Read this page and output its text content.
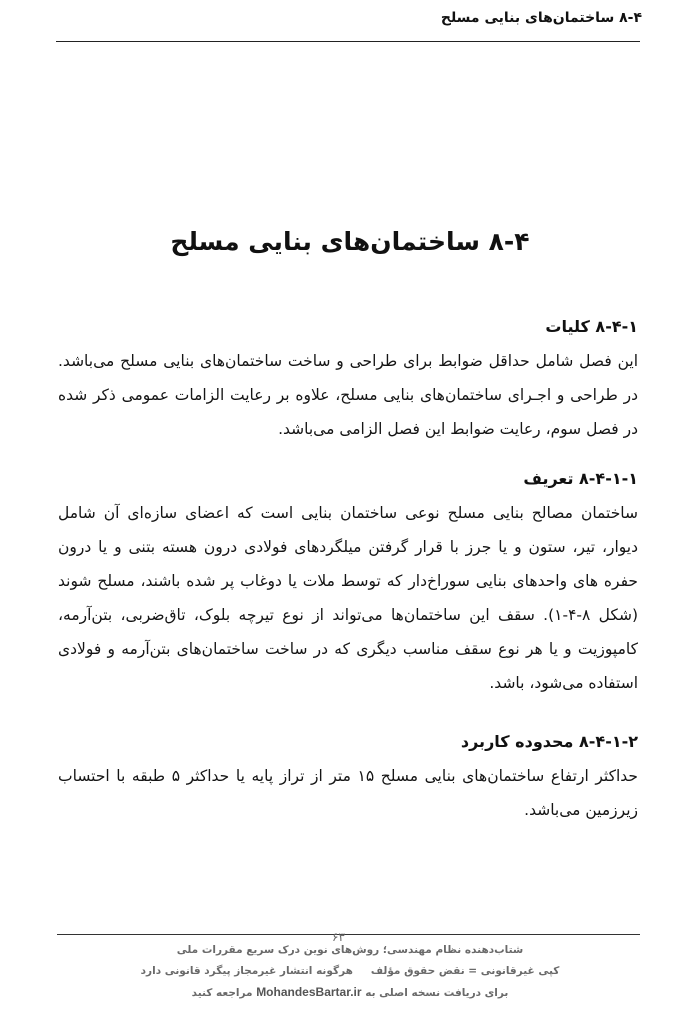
۸-۴ ساختمان‌های بنایی مسلح
۸-۴ ساختمان‌های بنایی مسلح
۸-۴-۱ کلیات

این فصل شامل حداقل ضوابط برای طراحی و ساخت ساختمان‌های بنایی مسلح می‌باشد. در طراحی و اجـرای ساختمان‌های بنایی مسلح، علاوه بر رعایت الزامات عمومی ذکر شده در فصل سوم، رعایت ضوابط این فصل الزامی می‌باشد.

۸-۴-۱-۱ تعریف

ساختمان مصالح بنایی مسلح نوعی ساختمان بنایی است که اعضای سازه‌ای آن شامل دیوار، تیر، ستون و یا جرز با قرار گرفتن میلگردهای فولادی درون هسته بتنی و یا درون حفره های واحدهای بنایی سوراخ‌دار که توسط ملات یا دوغاب پر شده باشند، مسلح شوند (شکل ۸-۴-۱). سقف این ساختمان‌ها می‌تواند از نوع تیرچه بلوک، تاق‌ضربی، بتن‌آرمه، کامپوزیت و یا هر نوع سقف مناسب دیگری که در ساخت ساختمان‌های بتن‌آرمه و فولادی استفاده می‌شود، باشد.

۸-۴-۱-۲ محدوده کاربرد

حداکثر ارتفاع ساختمان‌های بنایی مسلح ۱۵ متر از تراز پایه یا حداکثر ۵ طبقه با احتساب زیرزمین می‌باشد.

۶۳
شتاب‌دهنده نظام مهندسی؛ روش‌های نوین درک سریع مقررات ملی
کپی غیرقانونی = نقض حقوق مؤلفهرگونه انتشار غیرمجاز پیگرد قانونی دارد
برای دریافت نسخه اصلی به MohandesBartar.ir مراجعه کنید
